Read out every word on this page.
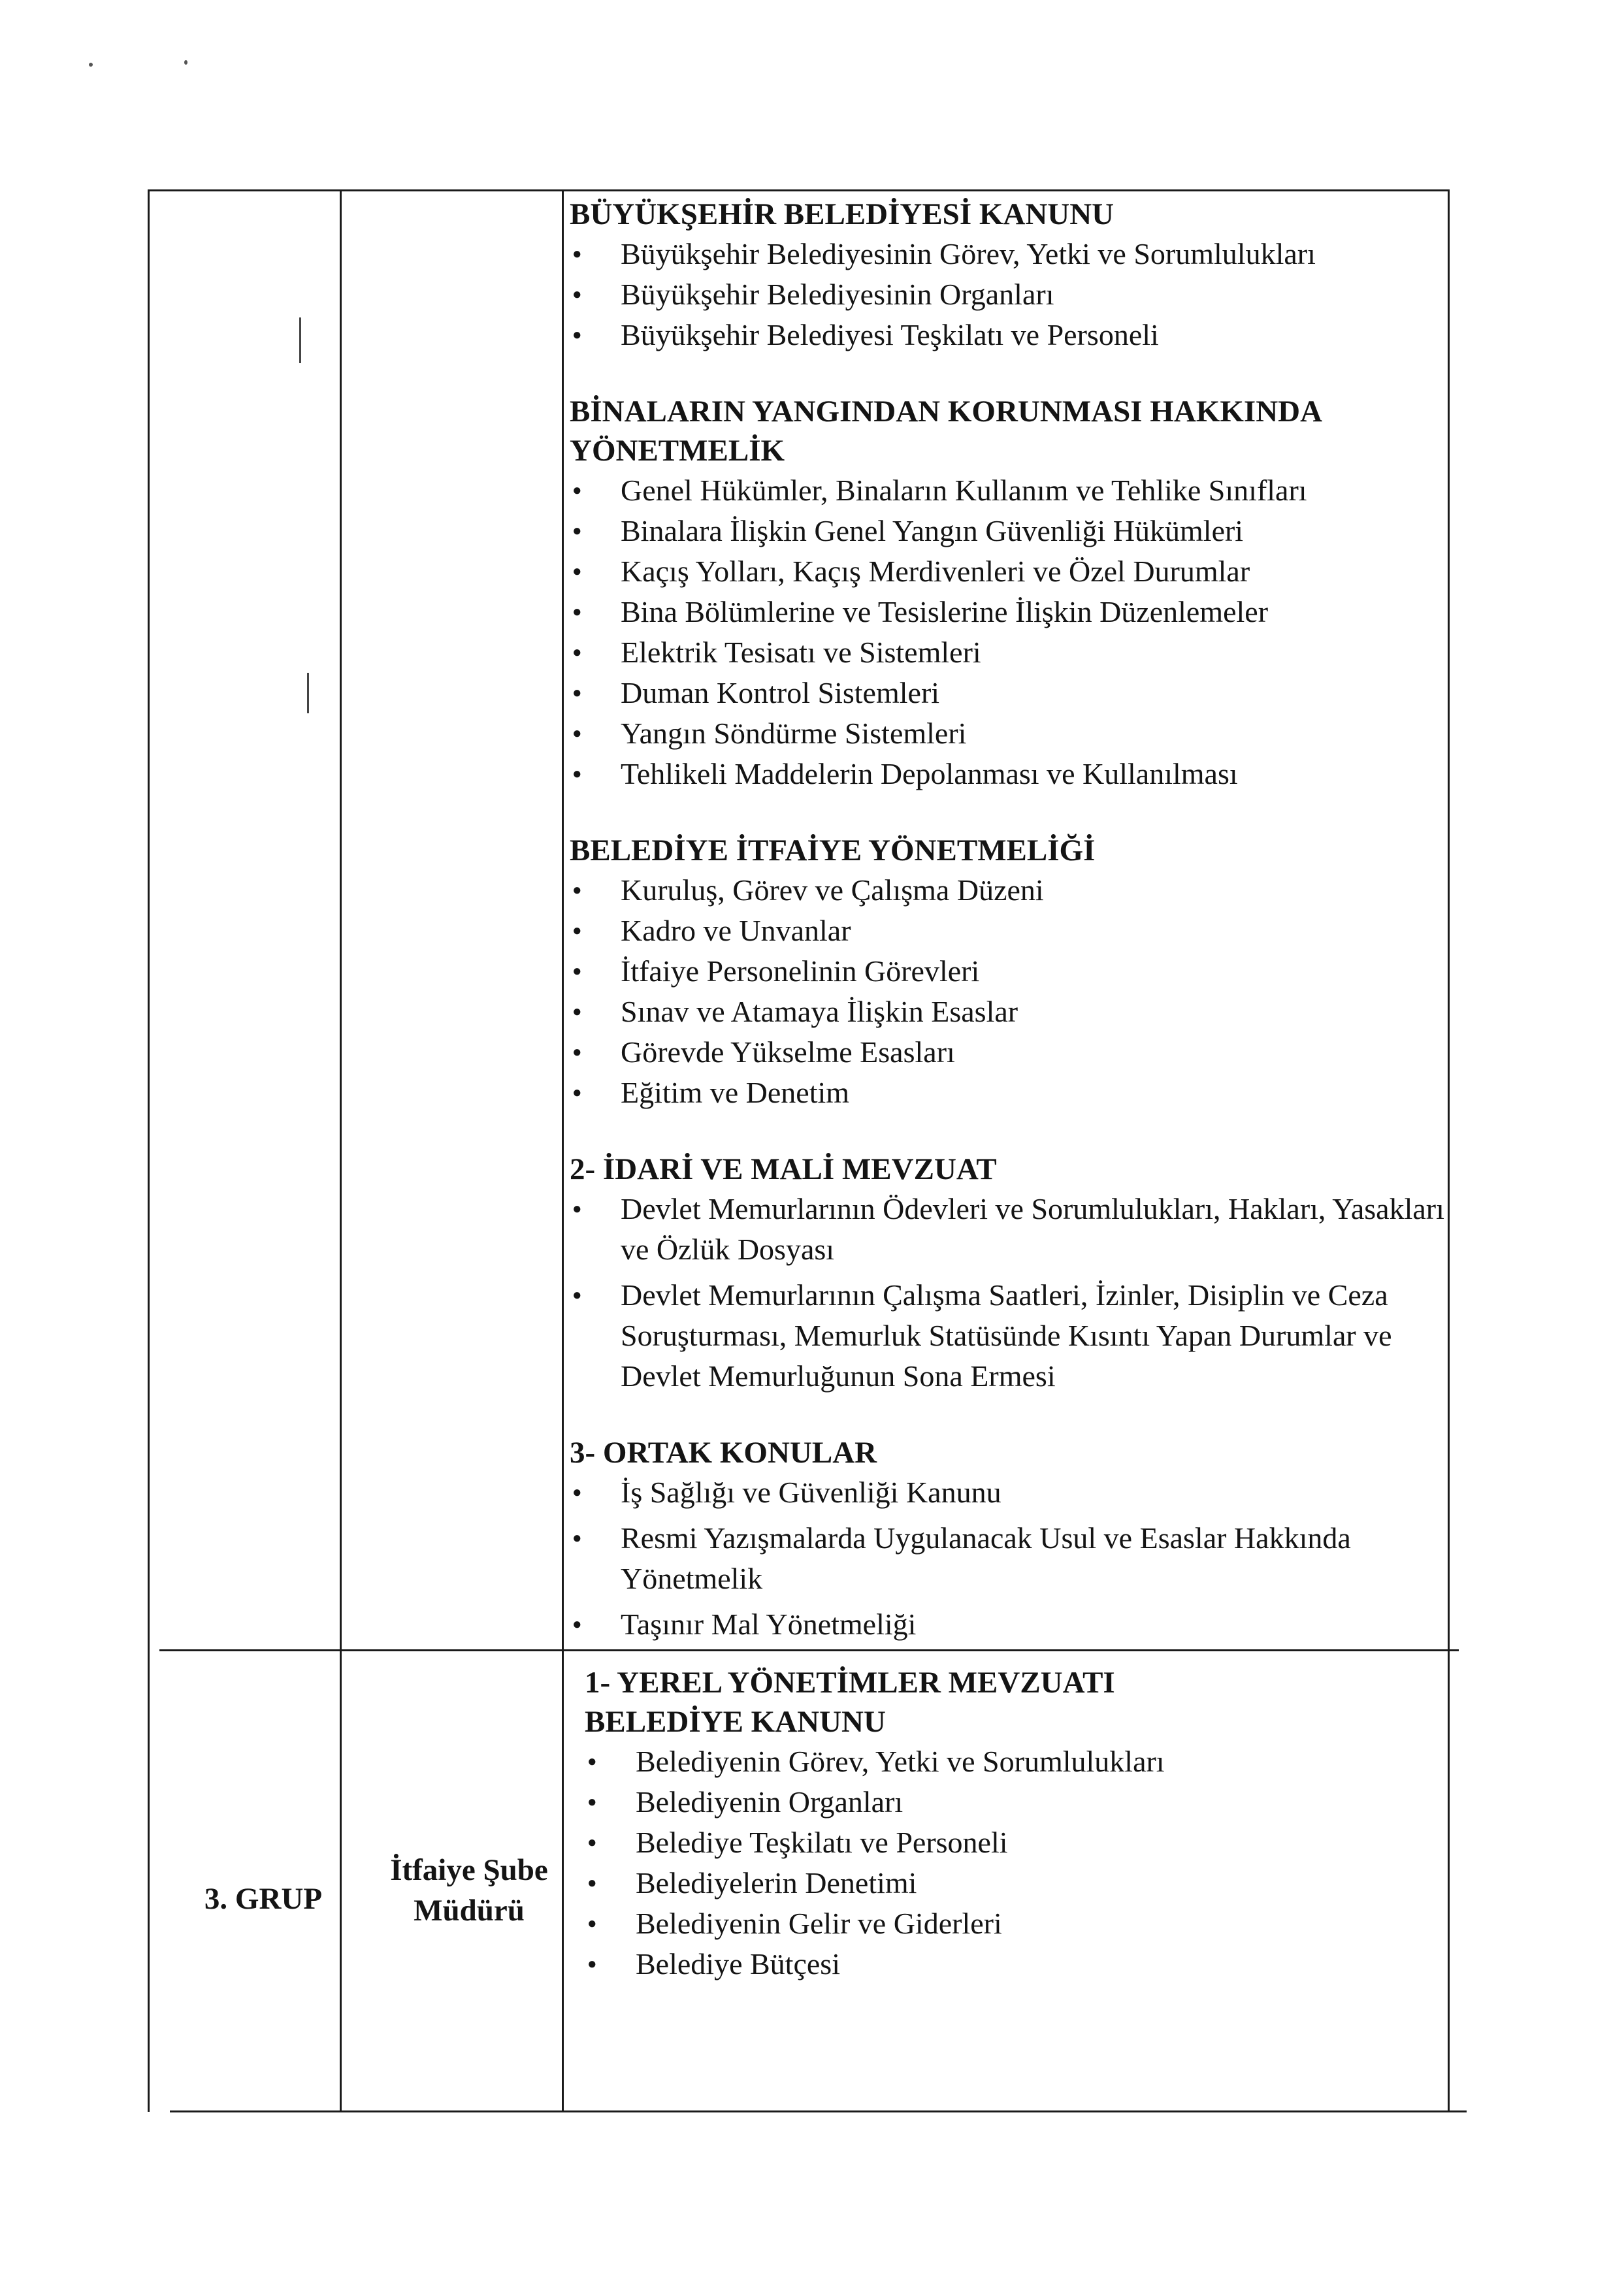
BÜYÜKŞEHİR BELEDİYESİ KANUNU
● Büyükşehir Belediyesinin Görev, Yetki ve Sorumlulukları
● Büyükşehir Belediyesinin Organları
● Büyükşehir Belediyesi Teşkilatı ve Personeli
BİNALARIN YANGINDAN KORUNMASI HAKKINDA YÖNETMELİK
● Genel Hükümler, Binaların Kullanım ve Tehlike Sınıfları
● Binalara İlişkin Genel Yangın Güvenliği Hükümleri
● Kaçış Yolları, Kaçış Merdivenleri ve Özel Durumlar
● Bina Bölümlerine ve Tesislerine İlişkin Düzenlemeler
● Elektrik Tesisatı ve Sistemleri
● Duman Kontrol Sistemleri
● Yangın Söndürme Sistemleri
● Tehlikeli Maddelerin Depolanması ve Kullanılması
BELEDİYE İTFAİYE YÖNETMELİĞİ
● Kuruluş, Görev ve Çalışma Düzeni
● Kadro ve Unvanlar
● İtfaiye Personelinin Görevleri
● Sınav ve Atamaya İlişkin Esaslar
● Görevde Yükselme Esasları
● Eğitim ve Denetim
2- İDARİ VE MALİ MEVZUAT
● Devlet Memurlarının Ödevleri ve Sorumlulukları, Hakları, Yasakları ve Özlük Dosyası
● Devlet Memurlarının Çalışma Saatleri, İzinler, Disiplin ve Ceza Soruşturması, Memurluk Statüsünde Kısıntı Yapan Durumlar ve Devlet Memurluğunun Sona Ermesi
3- ORTAK KONULAR
● İş Sağlığı ve Güvenliği Kanunu
● Resmi Yazışmalarda Uygulanacak Usul ve Esaslar Hakkında Yönetmelik
● Taşınır Mal Yönetmeliği
3. GRUP
İtfaiye Şube
Müdürü
1- YEREL YÖNETİMLER MEVZUATI
BELEDİYE KANUNU
● Belediyenin Görev, Yetki ve Sorumlulukları
● Belediyenin Organları
● Belediye Teşkilatı ve Personeli
● Belediyelerin Denetimi
● Belediyenin Gelir ve Giderleri
● Belediye Bütçesi
